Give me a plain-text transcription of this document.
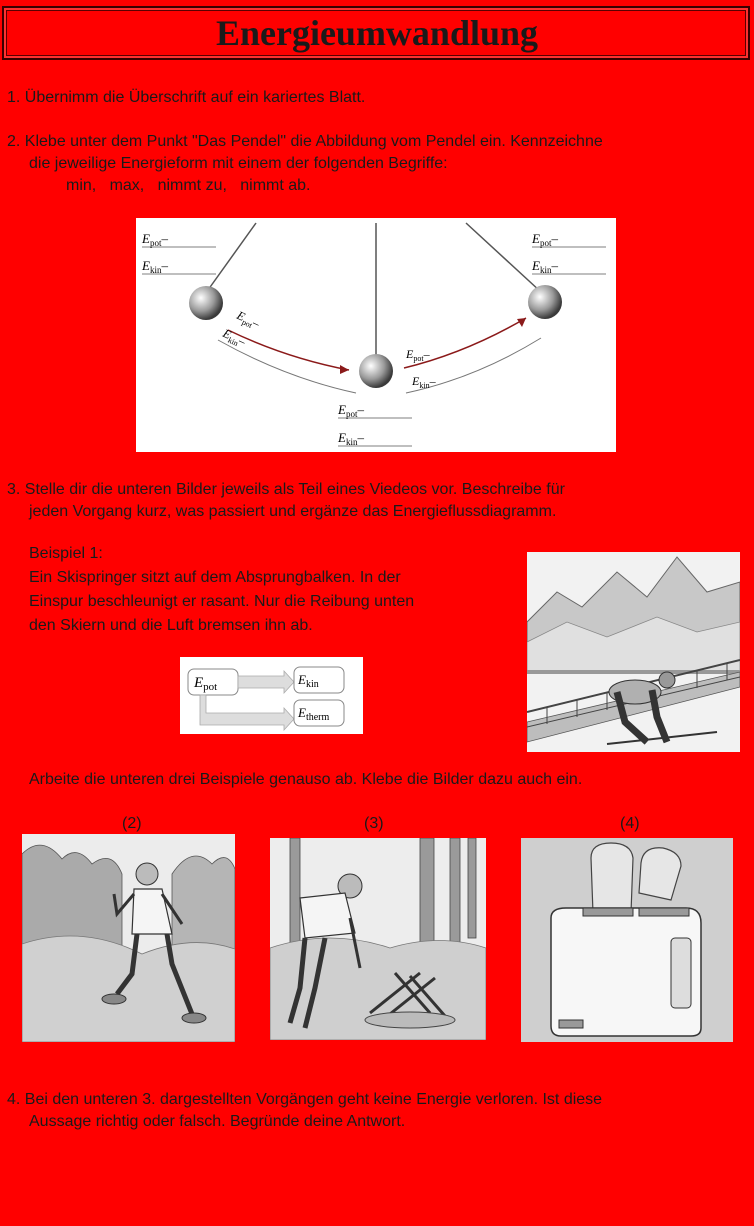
Energieumwandlung
1. Übernimm die Überschrift auf ein kariertes Blatt.
2. Klebe unter dem Punkt "Das Pendel" die Abbildung vom Pendel ein. Kennzeichne
die jeweilige Energieform mit einem der folgenden Begriffe:
min,   max,   nimmt zu,   nimmt ab.
$E_{pot}-$
$E_{kin}-$
$E_{pot}-$
$E_{kin}-$
$E_{pot}-$
$E_{kin}-$
$E_{pot}-$
$E_{kin}-$
$E_{pot}-$
$E_{kin}-$
3. Stelle dir die unteren Bilder jeweils als Teil eines Viedeos vor. Beschreibe für
jeden Vorgang kurz, was passiert und ergänze das Energieflussdiagramm.
Beispiel 1:
Ein Skispringer sitzt auf dem Absprungbalken. In der
Einspur beschleunigt er rasant. Nur die Reibung unten
den Skiern und die Luft bremsen ihn ab.
$E_{pot}$	$E_{kin}$
$E_{therm}$
Arbeite die unteren drei Beispiele genauso ab. Klebe die Bilder dazu auch ein.
(2)	(3)	(4)
4. Bei den unteren 3. dargestellten Vorgängen geht keine Energie verloren. Ist diese
Aussage richtig oder falsch. Begründe deine Antwort.
